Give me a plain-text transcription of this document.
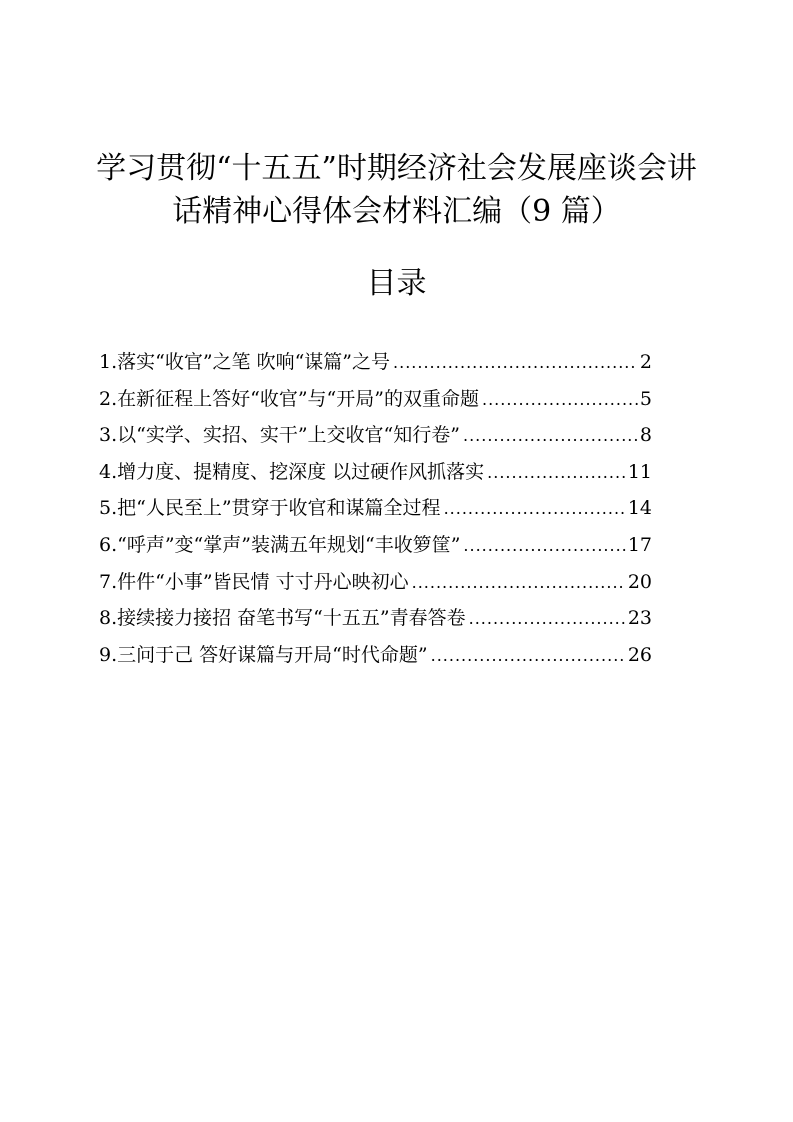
学习贯彻“十五五”时期经济社会发展座谈会讲
话精神心得体会材料汇编（9 篇）
目录
1.落实“收官”之笔 吹响“谋篇”之号 .....	2
2.在新征程上答好“收官”与“开局”的双重命题 .....	5
3.以“实学、实招、实干”上交收官“知行卷” .....	8
4.增力度、提精度、挖深度 以过硬作风抓落实 .....	11
5.把“人民至上”贯穿于收官和谋篇全过程 .....	14
6.“呼声”变“掌声”装满五年规划“丰收箩筐” .....	17
7.件件“小事”皆民情 寸寸丹心映初心 .....	20
8.接续接力接招 奋笔书写“十五五”青春答卷 .....	23
9.三问于己 答好谋篇与开局“时代命题” .....	26
